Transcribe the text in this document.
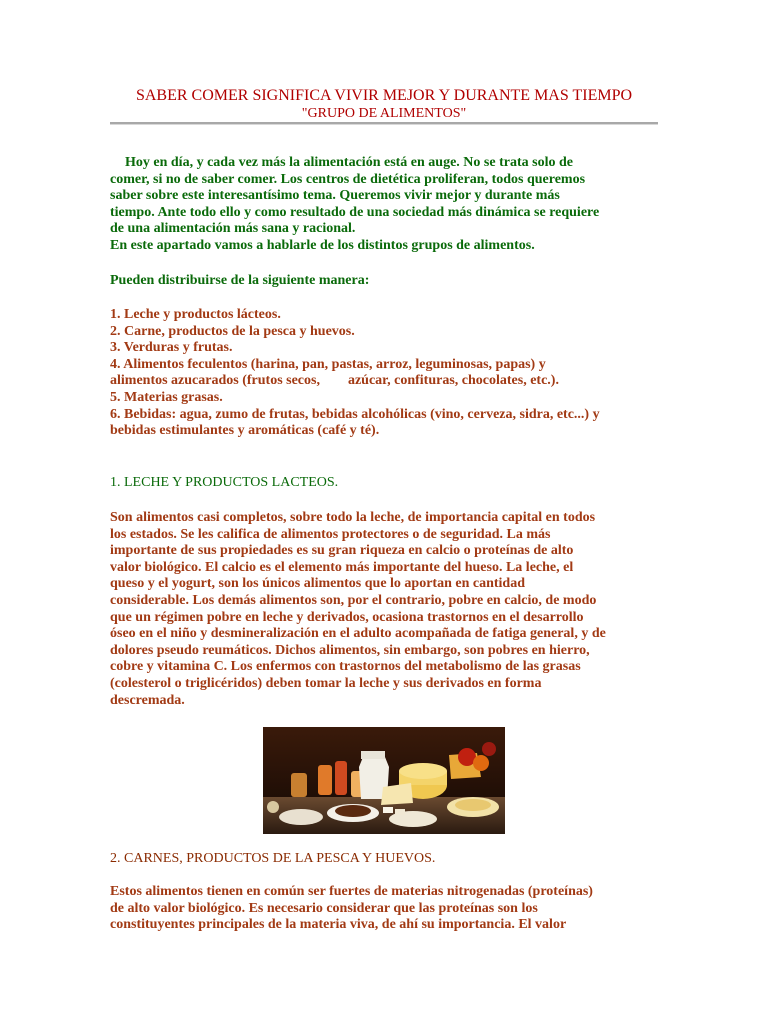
SABER COMER SIGNIFICA VIVIR MEJOR Y DURANTE MAS TIEMPO
"GRUPO DE ALIMENTOS"
Hoy en día, y cada vez más la alimentación está en auge. No se trata solo de
comer, si no de saber comer. Los centros de dietética proliferan, todos queremos
saber sobre este interesantísimo tema. Queremos vivir mejor y durante más
tiempo. Ante todo ello y como resultado de una sociedad más dinámica se requiere
de una alimentación más sana y racional.
En este apartado vamos a hablarle de los distintos grupos de alimentos.
Pueden distribuirse de la siguiente manera:
1. Leche y productos lácteos.
2. Carne, productos de la pesca y huevos.
3. Verduras y frutas.
4. Alimentos feculentos (harina, pan, pastas, arroz, leguminosas, papas) y
alimentos azucarados (frutos secos,        azúcar, confituras, chocolates, etc.).
5. Materias grasas.
6. Bebidas: agua, zumo de frutas, bebidas alcohólicas (vino, cerveza, sidra, etc...) y
bebidas estimulantes y aromáticas (café y té).
1. LECHE Y PRODUCTOS LACTEOS.
Son alimentos casi completos, sobre todo la leche, de importancia capital en todos
los estados. Se les califica de alimentos protectores o de seguridad. La más
importante de sus propiedades es su gran riqueza en calcio o proteínas de alto
valor biológico. El calcio es el elemento más importante del hueso. La leche, el
queso y el yogurt, son los únicos alimentos que lo aportan en cantidad
considerable. Los demás alimentos son, por el contrario, pobre en calcio, de modo
que un régimen pobre en leche y derivados, ocasiona trastornos en el desarrollo
óseo en el niño y desmineralización en el adulto acompañada de fatiga general, y de
dolores pseudo reumáticos. Dichos alimentos, sin embargo, son pobres en hierro,
cobre y vitamina C. Los enfermos con trastornos del metabolismo de las grasas
(colesterol o triglicéridos) deben tomar la leche y sus derivados en forma
descremada.
2. CARNES, PRODUCTOS DE LA PESCA Y HUEVOS.
Estos alimentos tienen en común ser fuertes de materias nitrogenadas (proteínas)
de alto valor biológico. Es necesario considerar que las proteínas son los
constituyentes principales de la materia viva, de ahí su importancia. El valor
